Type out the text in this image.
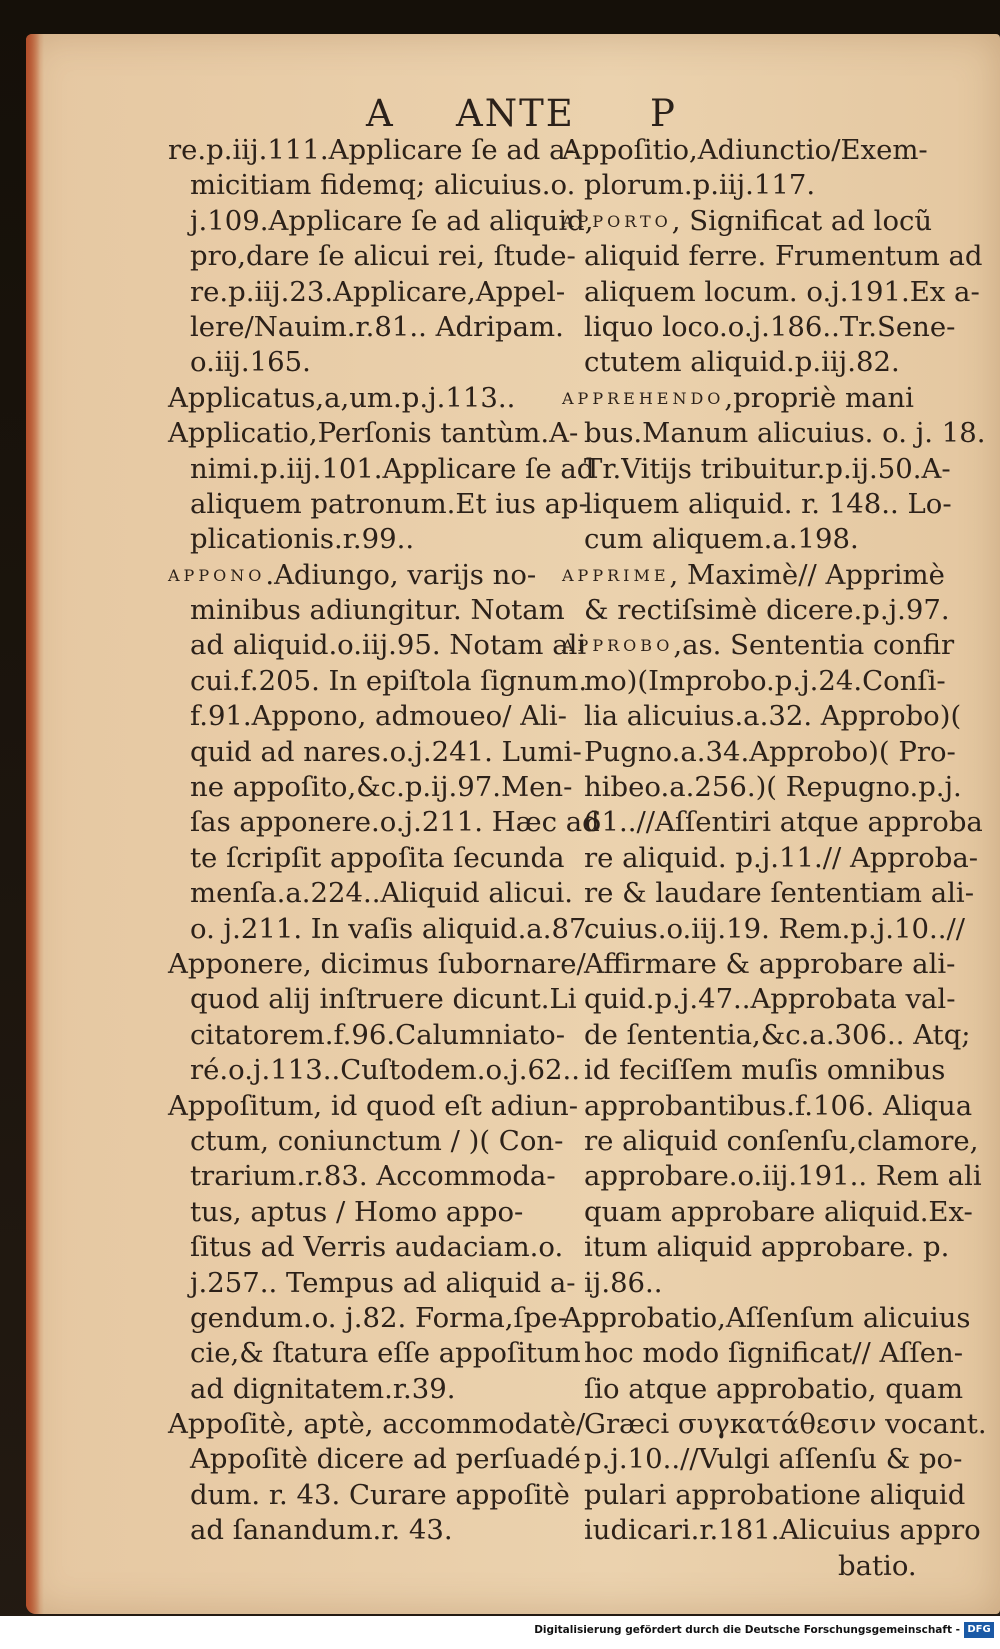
A ANTE P
re.p.iij.111.Applicare ſe ad a-
micitiam fidemq; alicuius.o.
j.109.Applicare ſe ad aliquid,
pro,dare ſe alicui rei, ſtude-
re.p.iij.23.Applicare,Appel-
lere/Nauim.r.81.. Adripam.
o.iij.165.
Applicatus,a,um.p.j.113..
Applicatio,Perſonis tantùm.A-
nimi.p.iij.101.Applicare ſe ad
aliquem patronum.Et ius ap-
plicationis.r.99..
APPONO.Adiungo, varijs no-
minibus adiungitur. Notam
ad aliquid.o.iij.95. Notam ali
cui.f.205. In epiſtola ſignum.
f.91.Appono, admoueo/ Ali-
quid ad nares.o.j.241. Lumi-
ne appoſito,&c.p.ij.97.Men-
ſas apponere.o.j.211. Hæc ad
te ſcripſit appoſita ſecunda
menſa.a.224..Aliquid alicui.
o. j.211. In vaſis aliquid.a.87.
Apponere, dicimus ſubornare/
quod alij inſtruere dicunt.Li
citatorem.f.96.Calumniato-
ré.o.j.113..Cuſtodem.o.j.62..
Appoſitum, id quod eſt adiun-
ctum, coniunctum / )( Con-
trarium.r.83. Accommoda-
tus, aptus / Homo appo-
ſitus ad Verris audaciam.o.
j.257.. Tempus ad aliquid a-
gendum.o. j.82. Forma,ſpe-
cie,& ſtatura eſſe appoſitum
ad dignitatem.r.39.
Appoſitè, aptè, accommodatè/
Appoſitè dicere ad perſuadé
dum. r. 43. Curare appoſitè
ad ſanandum.r. 43.
Appoſitio,Adiunctio/Exem-
plorum.p.iij.117.
APPORTO, Significat ad locũ
aliquid ferre. Frumentum ad
aliquem locum. o.j.191.Ex a-
liquo loco.o.j.186..Tr.Sene-
ctutem aliquid.p.iij.82.
APPREHENDO,propriè mani
bus.Manum alicuius. o. j. 18.
Tr.Vitijs tribuitur.p.ij.50.A-
liquem aliquid. r. 148.. Lo-
cum aliquem.a.198.
APPRIME, Maximè// Apprimè
& rectiſsimè dicere.p.j.97.
APPROBO,as. Sententia confir
mo)(Improbo.p.j.24.Conſi-
lia alicuius.a.32. Approbo)(
Pugno.a.34.Approbo)( Pro-
hibeo.a.256.)( Repugno.p.j.
61..//Aſſentiri atque approba
re aliquid. p.j.11.// Approba-
re & laudare ſententiam ali-
cuius.o.iij.19. Rem.p.j.10..//
Affirmare & approbare ali-
quid.p.j.47..Approbata val-
de ſententia,&c.a.306.. Atq;
id feciſſem muſis omnibus
approbantibus.f.106. Aliqua
re aliquid conſenſu,clamore,
approbare.o.iij.191.. Rem ali
quam approbare aliquid.Ex-
itum aliquid approbare. p.
ij.86..
Approbatio,Aſſenſum alicuius
hoc modo ſignificat// Aſſen-
ſio atque approbatio, quam
Græci συγκατάθεσιν vocant.
p.j.10..//Vulgi aſſenſu & po-
pulari approbatione aliquid
iudicari.r.181.Alicuius appro
batio.
Digitalisierung gefördert durch die Deutsche Forschungsgemeinschaft - DFG
